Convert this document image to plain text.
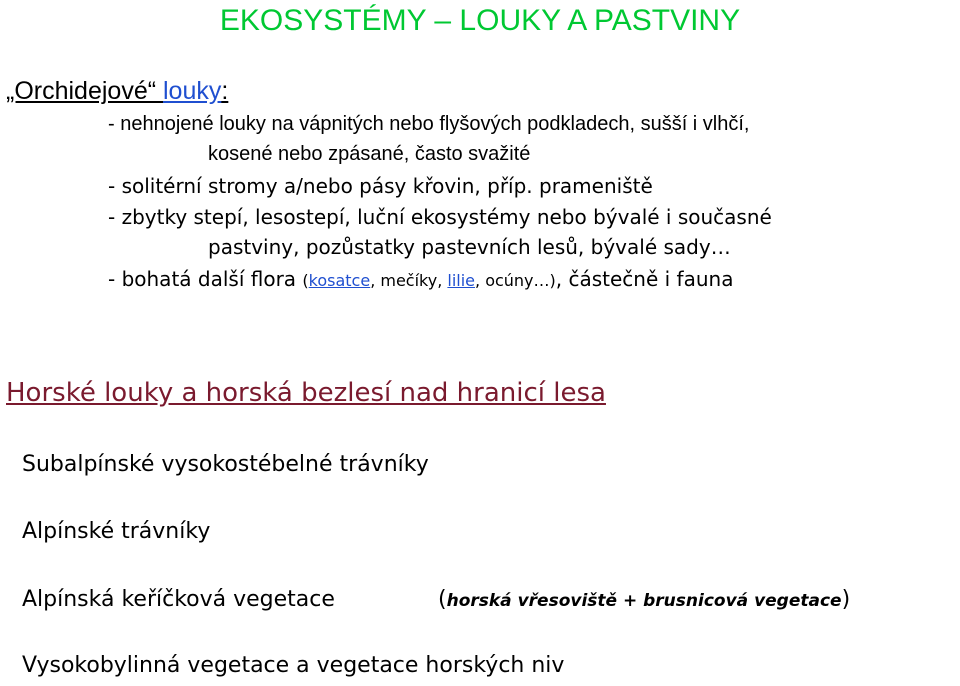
EKOSYSTÉMY – LOUKY A PASTVINY
„Orchidejové“ louky:
- nehnojené louky na vápnitých nebo flyšových podkladech, sušší i vlhčí,
kosené nebo zpásané, často svažité
- solitérní stromy a/nebo pásy křovin, příp. prameniště
- zbytky stepí, lesostepí, luční ekosystémy nebo bývalé i současné
pastviny, pozůstatky pastevních lesů, bývalé sady…
- bohatá další flora (kosatce, mečíky, lilie, ocúny…), částečně i fauna
Horské louky a horská bezlesí nad hranicí lesa
Subalpínské vysokostébelné trávníky
Alpínské trávníky
Alpínská keříčková vegetace	(horská vřesoviště + brusnicová vegetace)
Vysokobylinná vegetace a vegetace horských niv
